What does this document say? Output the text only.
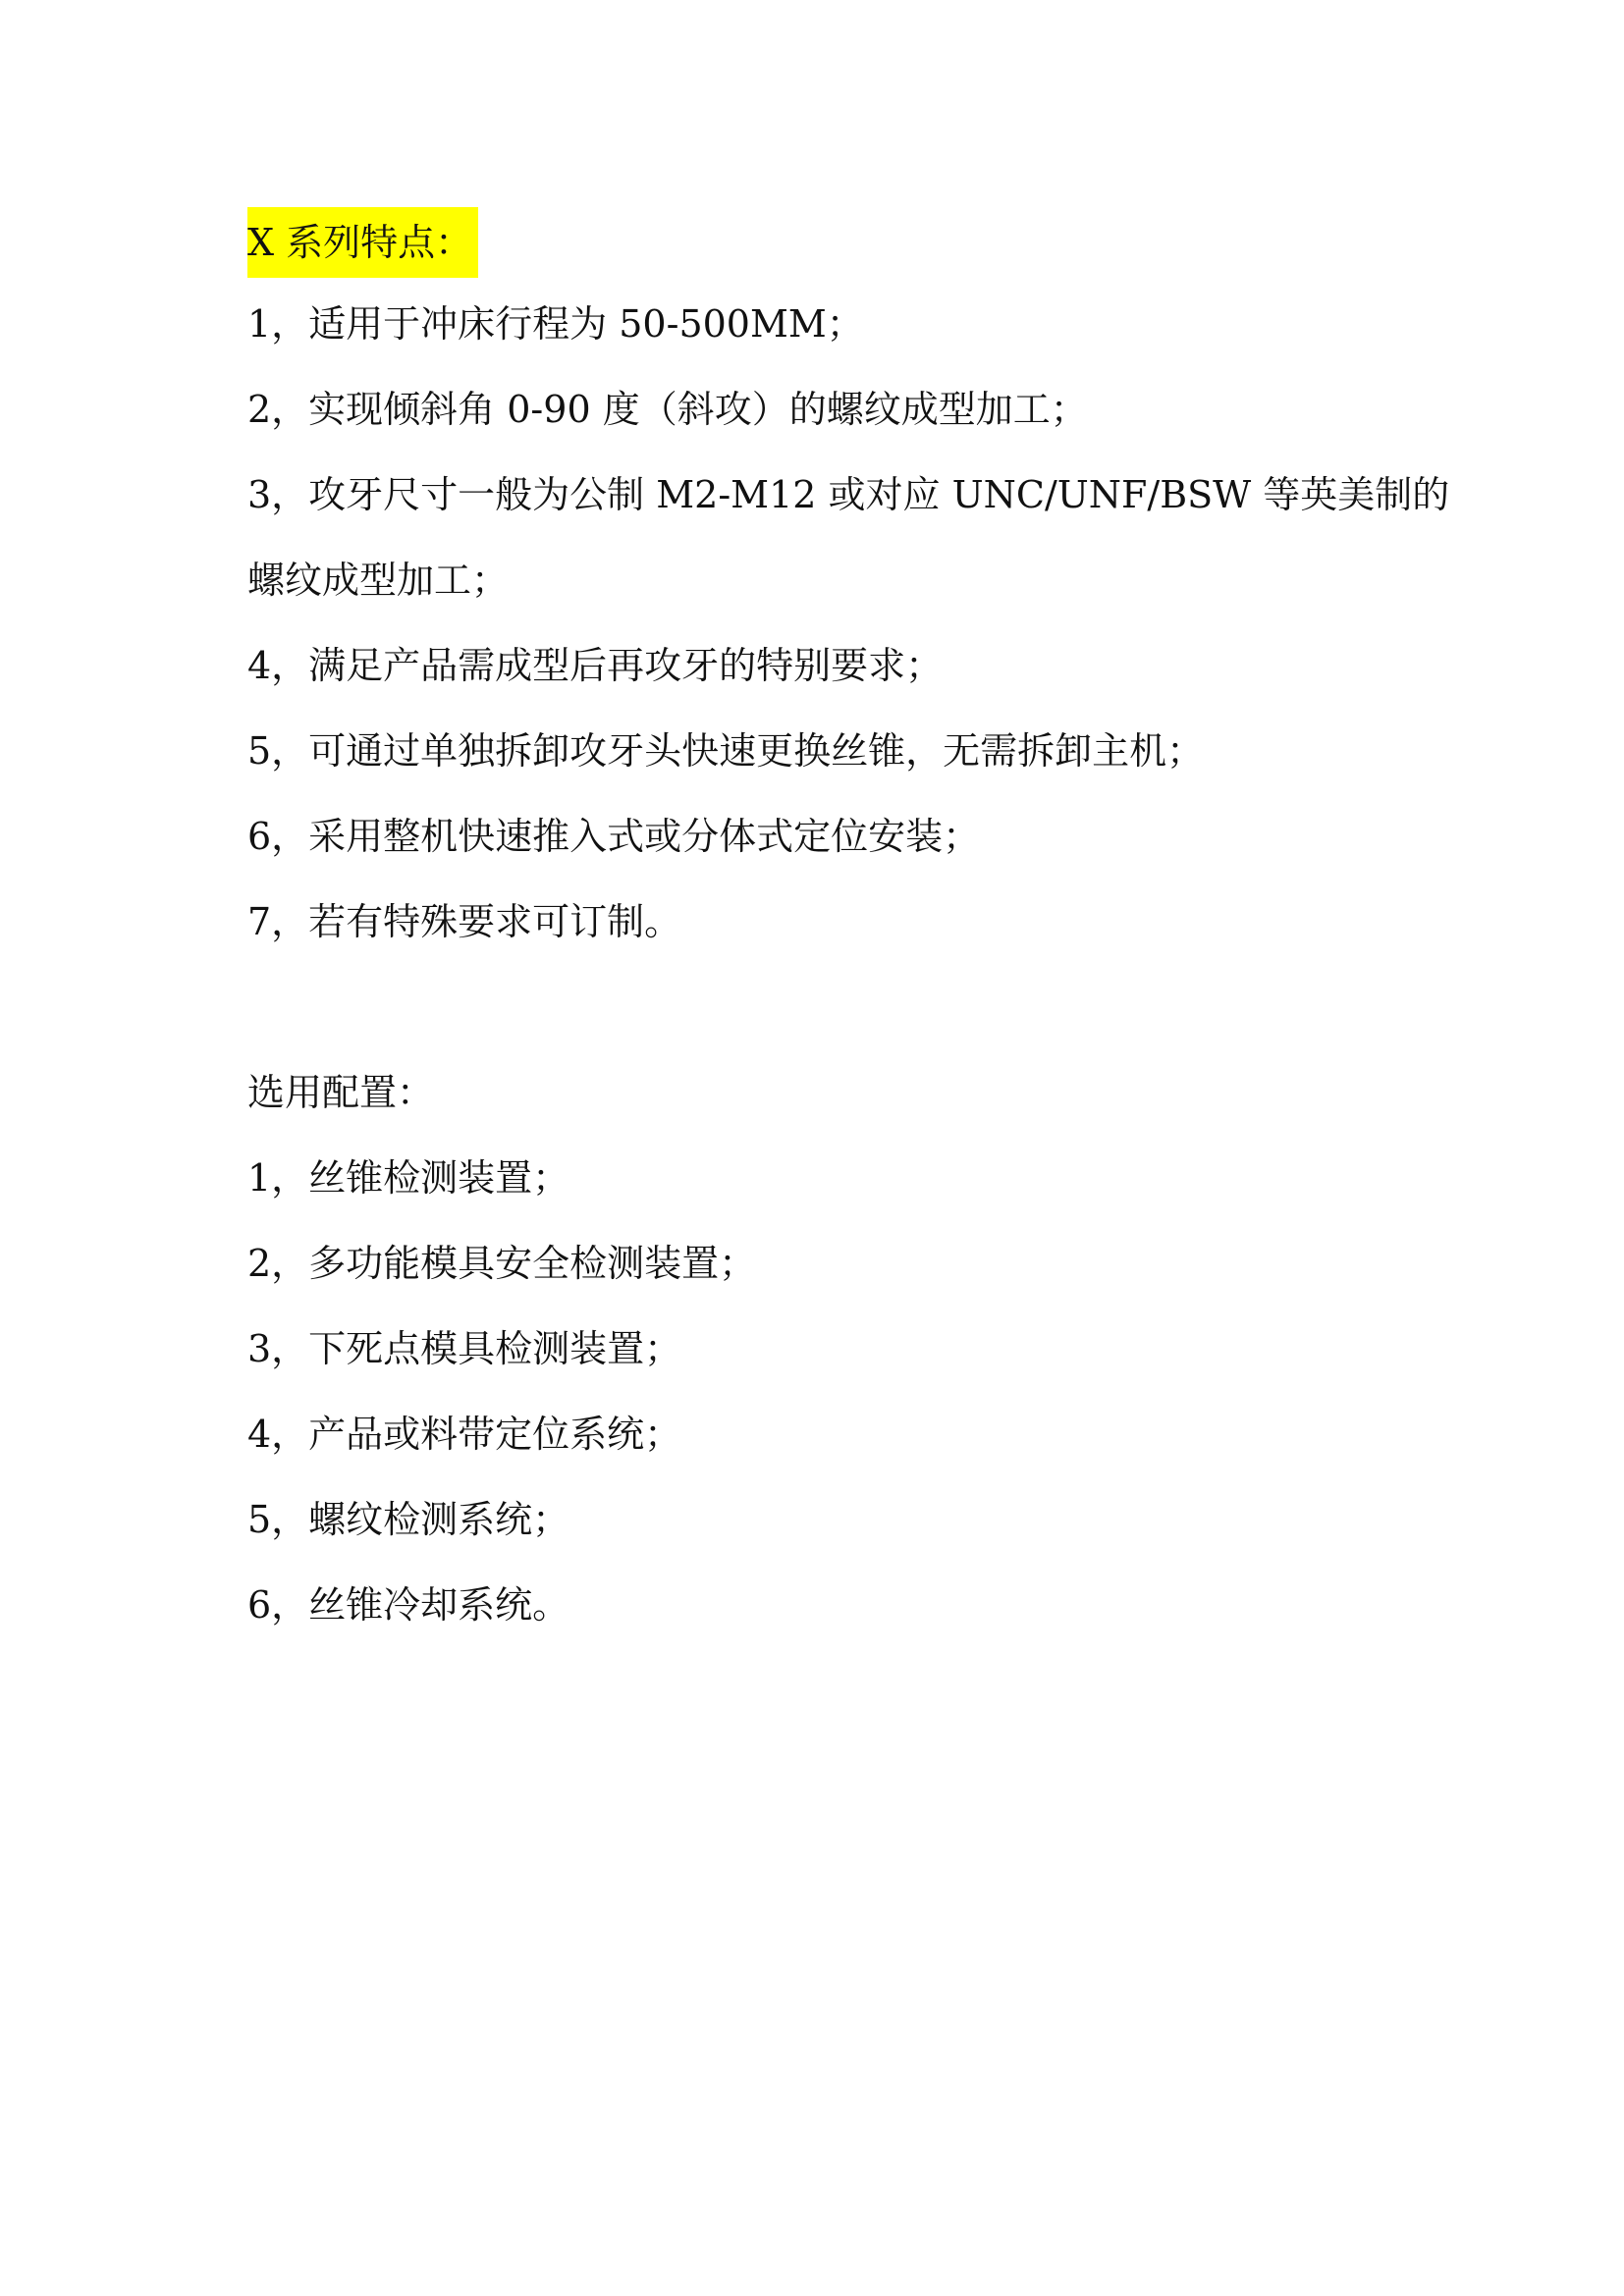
X 系列特点：
1，适用于冲床行程为 50-500MM；
2，实现倾斜角 0-90 度（斜攻）的螺纹成型加工；
3，攻牙尺寸一般为公制 M2-M12 或对应 UNC/UNF/BSW 等英美制的
螺纹成型加工；
4，满足产品需成型后再攻牙的特别要求；
5，可通过单独拆卸攻牙头快速更换丝锥，无需拆卸主机；
6，采用整机快速推入式或分体式定位安装；
7，若有特殊要求可订制。
选用配置：
1，丝锥检测装置；
2，多功能模具安全检测装置；
3，下死点模具检测装置；
4，产品或料带定位系统；
5，螺纹检测系统；
6，丝锥冷却系统。
